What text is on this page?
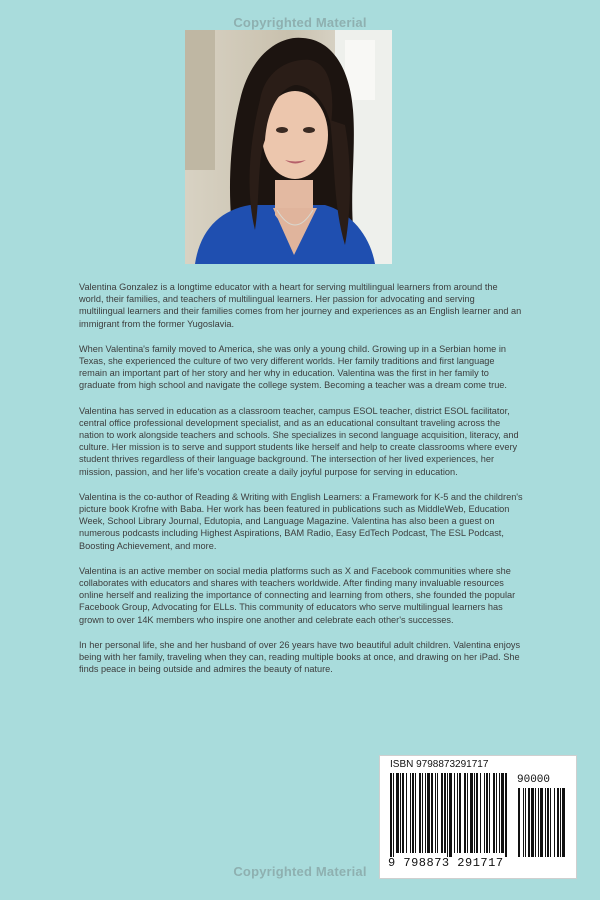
Copyrighted Material

Valentina Gonzalez is a longtime educator with a heart for serving multilingual learners from around the world, their families, and teachers of multilingual learners. Her passion for advocating and serving multilingual learners and their families comes from her journey and experiences as an English learner and an immigrant from the former Yugoslavia.

When Valentina's family moved to America, she was only a young child. Growing up in a Serbian home in Texas, she experienced the culture of two very different worlds. Her family traditions and first language remain an important part of her story and her why in education. Valentina was the first in her family to graduate from high school and navigate the college system. Becoming a teacher was a dream come true.

Valentina has served in education as a classroom teacher, campus ESOL teacher, district ESOL facilitator, central office professional development specialist, and as an educational consultant traveling across the nation to work alongside teachers and schools. She specializes in second language acquisition, literacy, and culture. Her mission is to serve and support students like herself and help to create classrooms where every student thrives regardless of their language background. The intersection of her lived experiences, her mission, passion, and her life's vocation create a daily joyful purpose for serving in education.

Valentina is the co-author of Reading & Writing with English Learners: a Framework for K-5 and the children's picture book Krofne with Baba. Her work has been featured in publications such as MiddleWeb, Education Week, School Library Journal, Edutopia, and Language Magazine. Valentina has also been a guest on numerous podcasts including Highest Aspirations, BAM Radio, Easy EdTech Podcast, The ESL Podcast, Boosting Achievement, and more.

Valentina is an active member on social media platforms such as X and Facebook communities where she collaborates with educators and shares with teachers worldwide. After finding many invaluable resources online herself and realizing the importance of connecting and learning from others, she founded the popular Facebook Group, Advocating for ELLs. This community of educators who serve multilingual learners has grown to over 14K members who inspire one another and celebrate each other's successes.

In her personal life, she and her husband of over 26 years have two beautiful adult children. Valentina enjoys being with her family, traveling when they can, reading multiple books at once, and drawing on her iPad. She finds peace in being outside and admires the beauty of nature.

ISBN 9798873291717
90000
9 798873 291717
Copyrighted Material
